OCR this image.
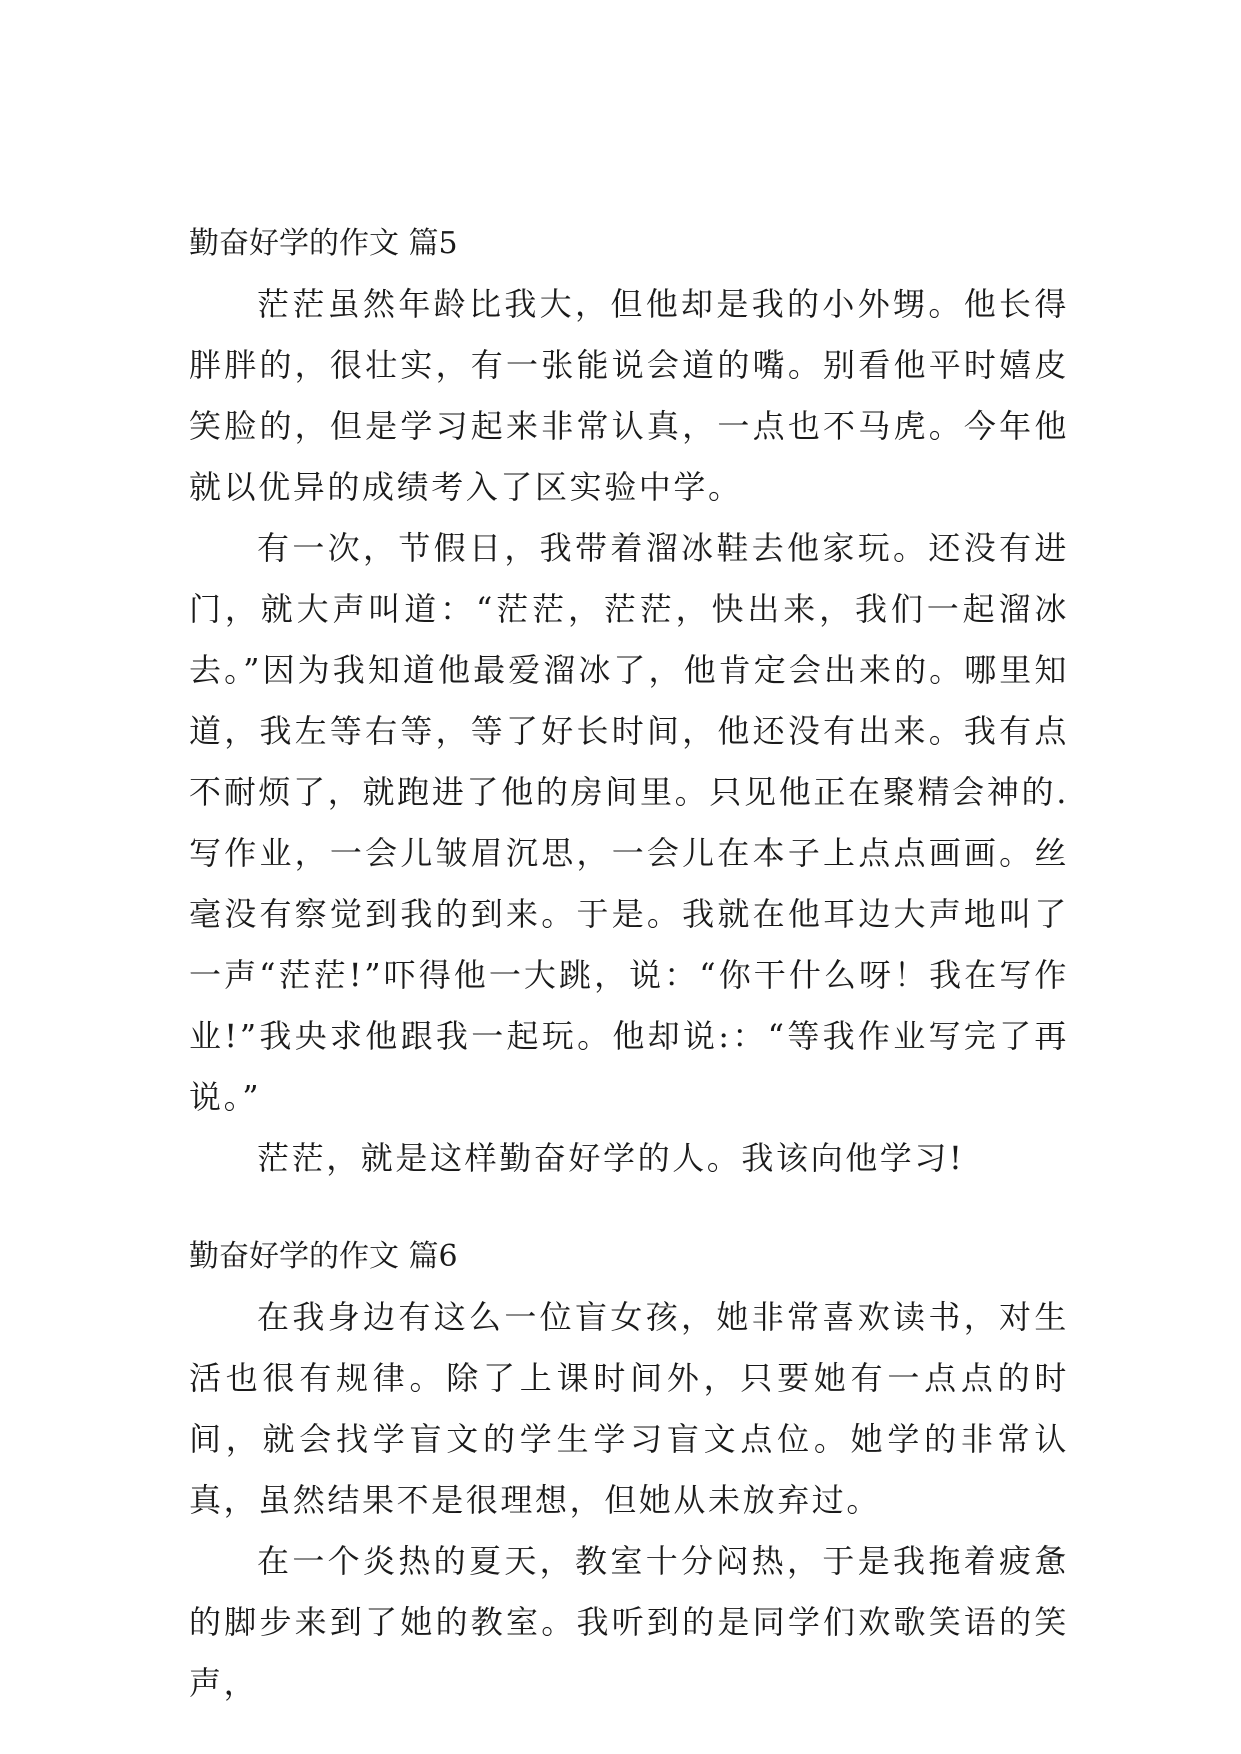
勤奋好学的作文 篇5

茫茫虽然年龄比我大，但他却是我的小外甥。他长得胖胖的，很壮实，有一张能说会道的嘴。别看他平时嬉皮笑脸的，但是学习起来非常认真，一点也不马虎。今年他就以优异的成绩考入了区实验中学。

有一次，节假日，我带着溜冰鞋去他家玩。还没有进门，就大声叫道：“茫茫，茫茫，快出来，我们一起溜冰去。”因为我知道他最爱溜冰了，他肯定会出来的。哪里知道，我左等右等，等了好长时间，他还没有出来。我有点不耐烦了，就跑进了他的房间里。只见他正在聚精会神的.写作业，一会儿皱眉沉思，一会儿在本子上点点画画。丝毫没有察觉到我的到来。于是。我就在他耳边大声地叫了一声“茫茫!”吓得他一大跳，说：“你干什么呀！我在写作业!”我央求他跟我一起玩。他却说:：“等我作业写完了再说。”

茫茫，就是这样勤奋好学的人。我该向他学习!

勤奋好学的作文 篇6

在我身边有这么一位盲女孩，她非常喜欢读书，对生活也很有规律。除了上课时间外，只要她有一点点的时间，就会找学盲文的学生学习盲文点位。她学的非常认真，虽然结果不是很理想，但她从未放弃过。

在一个炎热的夏天，教室十分闷热，于是我拖着疲惫的脚步来到了她的教室。我听到的是同学们欢歌笑语的笑声，
